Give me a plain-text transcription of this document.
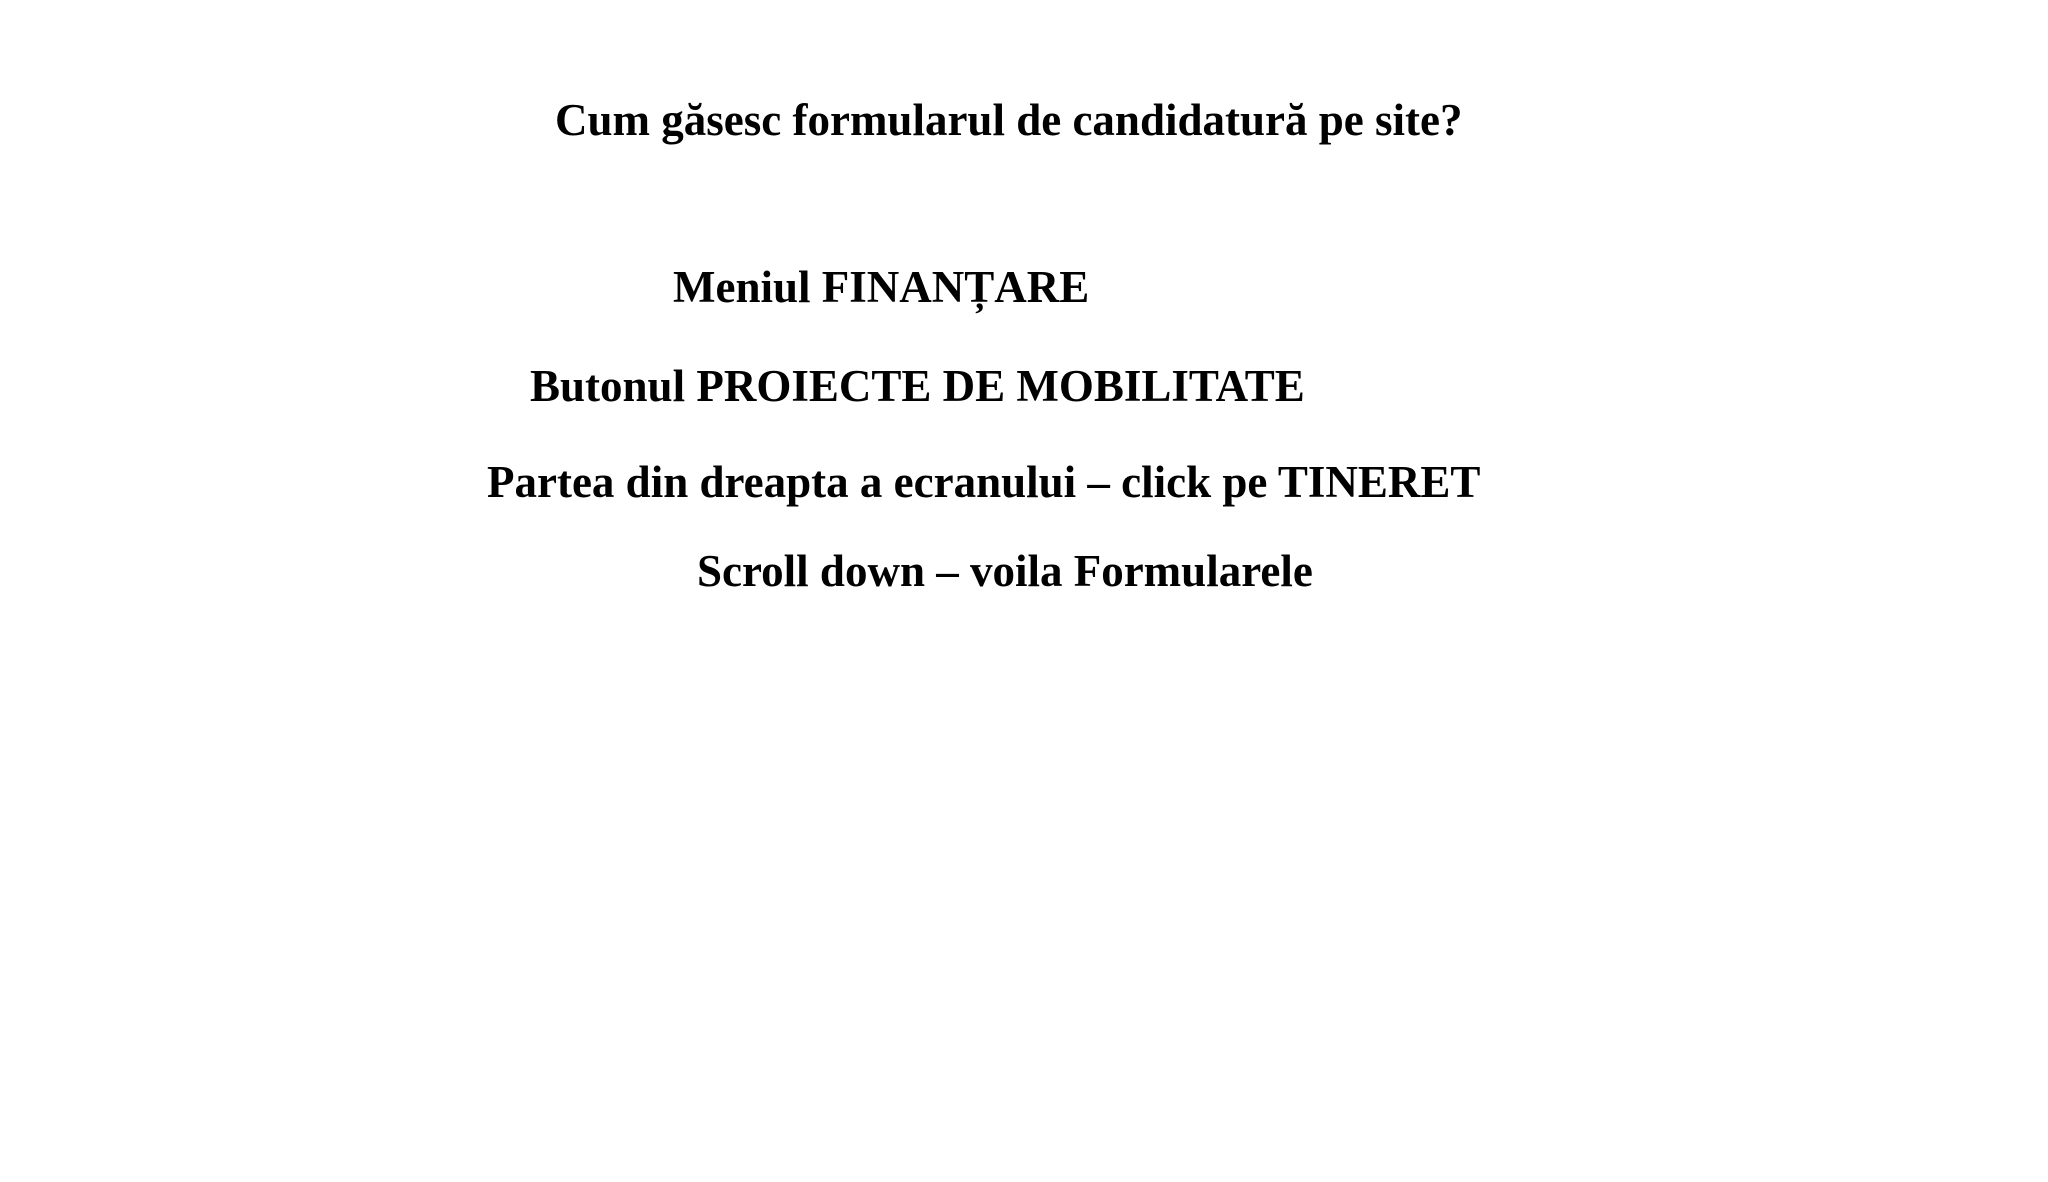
Cum găsesc formularul de candidatură pe site?
Meniul FINANȚARE
Butonul PROIECTE DE MOBILITATE
Partea din dreapta a ecranului – click pe TINERET
Scroll down – voila Formularele
